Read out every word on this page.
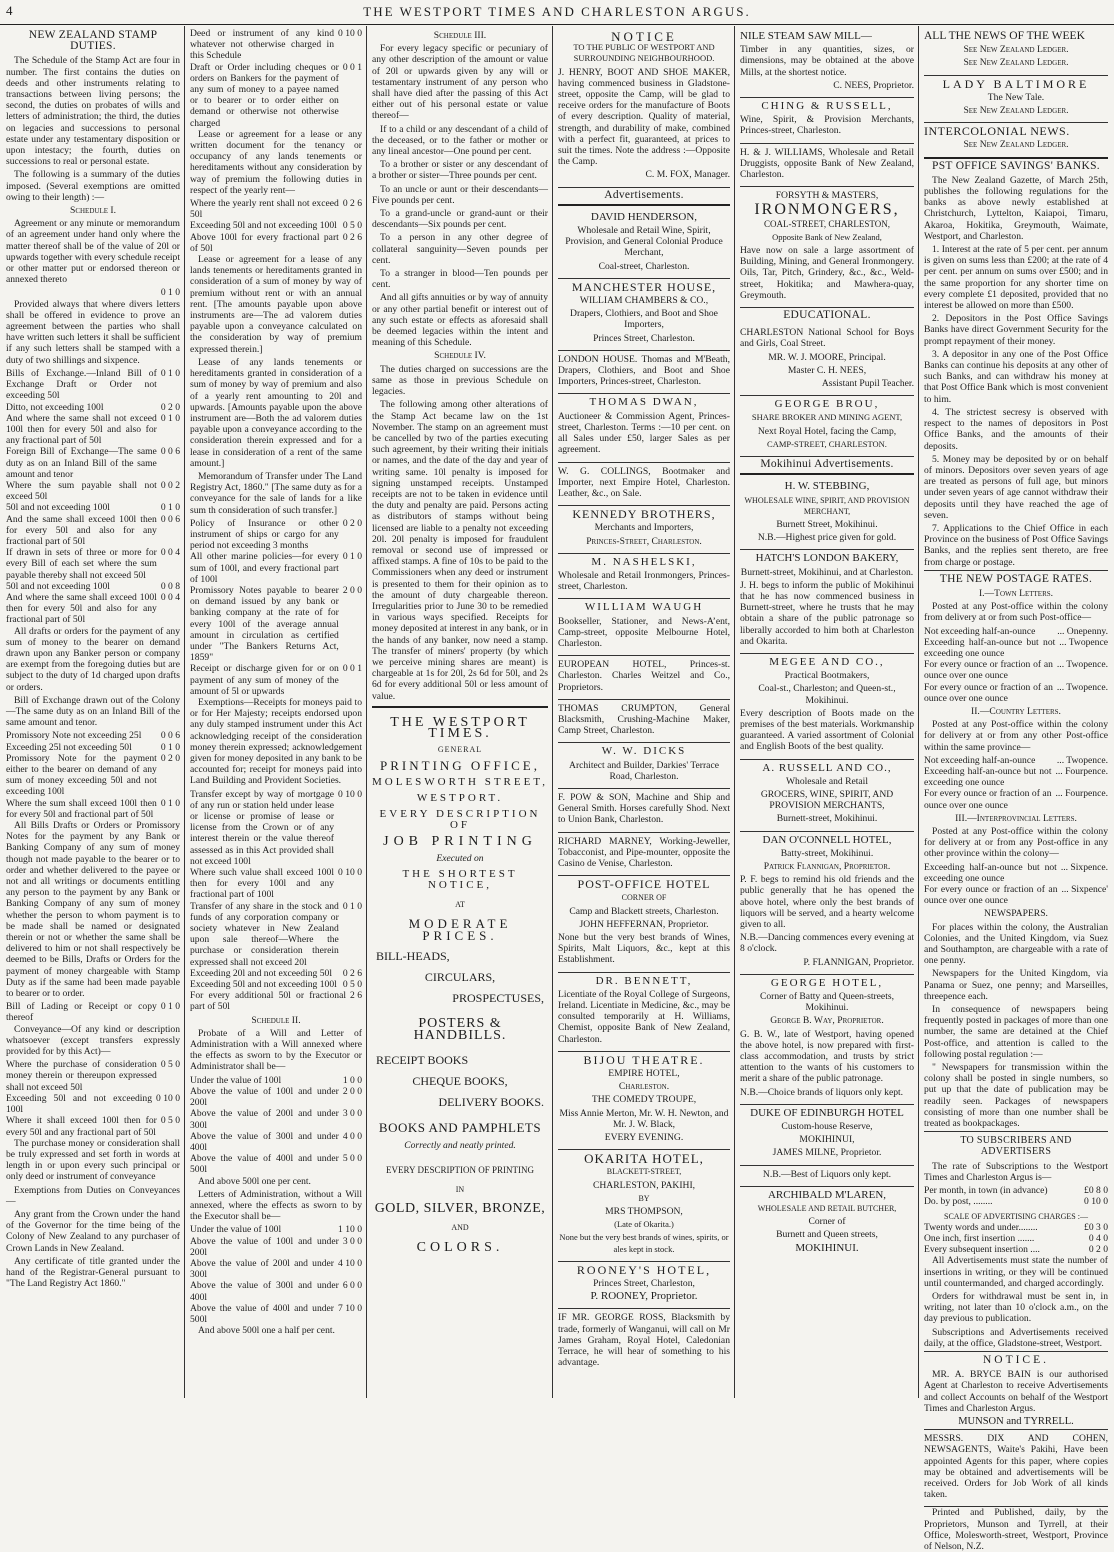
4	THE WESTPORT TIMES AND CHARLESTON ARGUS.
NEW ZEALAND STAMP DUTIES.

The Schedule of the Stamp Act are four in number. The first contains the duties on deeds and other instruments relating to transactions between living persons; the second, the duties on probates of wills and letters of administration; the third, the duties on legacies and successions to personal estate under any testamentary disposition or upon intestacy; the fourth, duties on successions to real or personal estate.

The following is a summary of the duties imposed. (Several exemptions are omitted owing to their length) :—

Schedule I.

Agreement or any minute or memorandum of an agreement under hand only where the matter thereof shall be of the value of 20l or upwards together with every schedule receipt or other matter put or endorsed thereon or annexed thereto

0 1 0

Provided always that where divers letters shall be offered in evidence to prove an agreement between the parties who shall have written such letters it shall be sufficient if any such letters shall be stamped with a duty of two shillings and sixpence.

Bills of Exchange.—Inland Bill of Exchange Draft or Order not exceeding 50l
0 1 0
Ditto, not exceeding 100l	0 2 0
And where the same shall not exceed 100l then for every 50l and also for any fractional part of 50l
0 1 0
Foreign Bill of Exchange—The same duty as on an Inland Bill of the same amount and tenor
0 0 6
Where the sum payable shall not exceed 50l
0 0 2
50l and not exceeding 100l	0 1 0
And the same shall exceed 100l then for every 50l and also for any fractional part of 50l
0 0 6
If drawn in sets of three or more for every Bill of each set where the sum payable thereby shall not exceed 50l
0 0 4
50l and not exceeding 100l	0 0 8
And where the same shall exceed 100l then for every 50l and also for any fractional part of 50l
0 0 4

All drafts or orders for the payment of any sum of money to the bearer on demand drawn upon any Banker person or company are exempt from the foregoing duties but are subject to the duty of 1d charged upon drafts or orders.

Bill of Exchange drawn out of the Colony—The same duty as on an Inland Bill of the same amount and tenor.

Promissory Note not exceeding 25l	0 0 6
Exceeding 25l not exceeding 50l	0 1 0
Promissory Note for the payment either to the bearer on demand of any sum of money exceeding 50l and not exceeding 100l
0 2 0
Where the sum shall exceed 100l then for every 50l and fractional part of 50l
0 1 0

All Bills Drafts or Orders or Promissory Notes for the payment by any Bank or Banking Company of any sum of money though not made payable to the bearer or to order and whether delivered to the payee or not and all writings or documents entitling any person to the payment by any Bank or Banking Company of any sum of money whether the person to whom payment is to be made shall be named or designated therein or not or whether the same shall be delivered to him or not shall respectively be deemed to be Bills, Drafts or Orders for the payment of money chargeable with Stamp Duty as if the same had been made payable to bearer or to order.

Bill of Lading or Receipt or copy thereof
0 1 0

Conveyance—Of any kind or description whatsoever (except transfers expressly provided for by this Act)—

Where the purchase of consideration money therein or thereupon expressed shall not exceed 50l
0 5 0
Exceeding 50l and not exceeding 100l
0 10 0
Where it shall exceed 100l then for every 50l and any fractional part of 50l
0 5 0

The purchase money or consideration shall be truly expressed and set forth in words at length in or upon every such principal or only deed or instrument of conveyance

Exemptions from Duties on Conveyances—

Any grant from the Crown under the hand of the Governor for the time being of the Colony of New Zealand to any purchaser of Crown Lands in New Zealand.

Any certificate of title granted under the hand of the Registrar-General pursuant to "The Land Registry Act 1860."

Deed or instrument of any kind whatever not otherwise charged in this Schedule
0 10 0
Draft or Order including cheques or orders on Bankers for the payment of any sum of money to a payee named or to bearer or to order either on demand or otherwise not otherwise charged
0 0 1

Lease or agreement for a lease or any written document for the tenancy or occupancy of any lands tenements or hereditaments without any consideration by way of premium the following duties in respect of the yearly rent—

Where the yearly rent shall not exceed 50l
0 2 6
Exceeding 50l and not exceeding 100l 0 5 0
Above 100l for every fractional part of 50l
0 2 6

Lease or agreement for a lease of any lands tenements or hereditaments granted in consideration of a sum of money by way of premium without rent or with an annual rent. [The amounts payable upon above instruments are—The ad valorem duties payable upon a conveyance calculated on the consideration by way of premium expressed therein.]

Lease of any lands tenements or hereditaments granted in consideration of a sum of money by way of premium and also of a yearly rent amounting to 20l and upwards. [Amounts payable upon the above instrument are—Both the ad valorem duties payable upon a conveyance according to the consideration therein expressed and for a lease in consideration of a rent of the same amount.]

Memorandum of Transfer under The Land Registry Act, 1860." [The same duty as for a conveyance for the sale of lands for a like sum th consideration of such transfer.]

Policy of Insurance or other instrument of ships or cargo for any period not exceeding 3 months
0 2 0
All other marine policies—for every sum of 100l, and every fractional part of 100l
0 1 0
Promissory Notes payable to bearer on demand issued by any bank or banking company at the rate of for every 100l of the average annual amount in circulation as certified under "The Bankers Returns Act, 1859"
2 0 0
Receipt or discharge given for or on payment of any sum of money of the amount of 5l or upwards
0 0 1

Exemptions—Receipts for moneys paid to or for Her Majesty; receipts endorsed upon any duly stamped instrument under this Act acknowledging receipt of the consideration money therein expressed; acknowledgement given for money deposited in any bank to be accounted for; receipt for moneys paid into Land Building and Provident Societies.

Transfer except by way of mortgage of any run or station held under lease or license or promise of lease or license from the Crown or of any interest therein or the value thereof assessed as in this Act provided shall not exceed 100l
0 10 0
Where such value shall exceed 100l then for every 100l and any fractional part of 100l
0 10 0
Transfer of any share in the stock and funds of any corporation company or society whatever in New Zealand upon sale thereof—Where the purchase or consideration therein expressed shall not exceed 20l
0 1 0
Exceeding 20l and not exceeding 50l	0 2 6
Exceeding 50l and not exceeding 100l 0 5 0
For every additional 50l or fractional part of 50l
2 6
Schedule II.

Probate of a Will and Letter of Administration with a Will annexed where the effects as sworn to by the Executor or Administrator shall be—

Under the value of 100l	1 0 0
Above the value of 100l and under 200l
2 0 0
Above the value of 200l and under 300l
3 0 0
Above the value of 300l and under 400l
4 0 0
Above the value of 400l and under 500l
5 0 0

And above 500l one per cent.

Letters of Administration, without a Will annexed, where the effects as sworn to by the Executor shall be—

Under the value of 100l	1 10 0
Above the value of 100l and under 200l
3 0 0
Above the value of 200l and under 300l
4 10 0
Above the value of 300l and under 400l
6 0 0
Above the value of 400l and under 500l
7 10 0

And above 500l one a half per cent.

Schedule III.

For every legacy specific or pecuniary of any other description of the amount or value of 20l or upwards given by any will or testamentary instrument of any person who shall have died after the passing of this Act either out of his personal estate or value thereof—

If to a child or any descendant of a child of the deceased, or to the father or mother or any lineal ancestor—One pound per cent.

To a brother or sister or any descendant of a brother or sister—Three pounds per cent.

To an uncle or aunt or their descendants—Five pounds per cent.

To a grand-uncle or grand-aunt or their descendants—Six pounds per cent.

To a person in any other degree of collateral sanguinity—Seven pounds per cent.

To a stranger in blood—Ten pounds per cent.

And all gifts annuities or by way of annuity or any other partial benefit or interest out of any such estate or effects as aforesaid shall be deemed legacies within the intent and meaning of this Schedule.

Schedule IV.

The duties charged on successions are the same as those in previous Schedule on legacies.

The following among other alterations of the Stamp Act became law on the 1st November. The stamp on an agreement must be cancelled by two of the parties executing such agreement, by their writing their initials or names, and the date of the day and year of writing same. 10l penalty is imposed for signing unstamped receipts. Unstamped receipts are not to be taken in evidence until the duty and penalty are paid. Persons acting as distributors of stamps without being licensed are liable to a penalty not exceeding 20l. 20l penalty is imposed for fraudulent removal or second use of impressed or affixed stamps. A fine of 10s to be paid to the Commissioners when any deed or instrument is presented to them for their opinion as to the amount of duty chargeable thereon. Irregularities prior to June 30 to be remedied in various ways specified. Receipts for money deposited at interest in any bank, or in the hands of any banker, now need a stamp. The transfer of miners' property (by which we perceive mining shares are meant) is chargeable at 1s for 20l, 2s 6d for 50l, and 2s 6d for every additional 50l or less amount of value.

THE WESTPORT TIMES.
GENERAL
PRINTING OFFICE,
MOLESWORTH STREET,
WESTPORT.
EVERY DESCRIPTION OF
JOB PRINTING
Executed on
THE SHORTEST NOTICE,
AT
MODERATE PRICES.
BILL-HEADS,
CIRCULARS,
PROSPECTUSES,
POSTERS & HANDBILLS.
RECEIPT BOOKS
CHEQUE BOOKS,
DELIVERY BOOKS.
BOOKS AND PAMPHLETS
Correctly and neatly printed.
EVERY DESCRIPTION OF PRINTING
IN
GOLD, SILVER, BRONZE,
AND
COLORS.
NOTICE

TO THE PUBLIC OF WESTPORT AND SURROUNDING NEIGHBOURHOOD.

J. HENRY, BOOT AND SHOE MAKER, having commenced business in Gladstone-street, opposite the Camp, will be glad to receive orders for the manufacture of Boots of every description. Quality of material, strength, and durability of make, combined with a perfect fit, guaranteed, at prices to suit the times. Note the address :—Opposite the Camp.

C. M. FOX, Manager.

Advertisements.

DAVID HENDERSON,

Wholesale and Retail Wine, Spirit, Provision, and General Colonial Produce Merchant,

Coal-street, Charleston.

MANCHESTER HOUSE,

WILLIAM CHAMBERS & CO.,

Drapers, Clothiers, and Boot and Shoe Importers,

Princes Street, Charleston.

LONDON HOUSE. Thomas and M'Beath, Drapers, Clothiers, and Boot and Shoe Importers, Princes-street, Charleston.

THOMAS DWAN,

Auctioneer & Commission Agent, Princes-street, Charleston. Terms :—10 per cent. on all Sales under £50, larger Sales as per agreement.

W. G. COLLINGS, Bootmaker and Importer, next Empire Hotel, Charleston. Leather, &c., on Sale.

KENNEDY BROTHERS,

Merchants and Importers,

Princes-Street, Charleston.

M. NASHELSKI,

Wholesale and Retail Ironmongers, Princes-street, Charleston.

WILLIAM WAUGH

Bookseller, Stationer, and News-A’ent, Camp-street, opposite Melbourne Hotel, Charleston.

EUROPEAN HOTEL, Princes-st. Charleston. Charles Weitzel and Co., Proprietors.

THOMAS CRUMPTON, General Blacksmith, Crushing-Machine Maker, Camp Street, Charleston.

W. W. DICKS

Architect and Builder, Darkies' Terrace Road, Charleston.

F. POW & SON, Machine and Ship and General Smith. Horses carefully Shod. Next to Union Bank, Charleston.

RICHARD MARNEY, Working-Jeweller, Tobacconist, and Pipe-mounter, opposite the Casino de Venise, Charleston.

POST-OFFICE HOTEL

CORNER OF

Camp and Blackett streets, Charleston.

JOHN HEFFERNAN, Proprietor.

None but the very best brands of Wines, Spirits, Malt Liquors, &c., kept at this Establishment.

DR. BENNETT,

Licentiate of the Royal College of Surgeons, Ireland. Licentiate in Medicine, &c., may be consulted temporarily at H. Williams, Chemist, opposite Bank of New Zealand, Charleston.

BIJOU THEATRE.

EMPIRE HOTEL,

Charleston.

THE COMEDY TROUPE,

Miss Annie Merton, Mr. W. H. Newton, and Mr. J. W. Black,

EVERY EVENING.

OKARITA HOTEL,

BLACKETT-STREET,

CHARLESTON, PAKIHI,

BY

MRS THOMPSON,

(Late of Okarita.)

None but the very best brands of wines, spirits, or ales kept in stock.

ROONEY'S HOTEL,

Princes Street, Charleston,

P. ROONEY, Proprietor.

IF MR. GEORGE ROSS, Blacksmith by trade, formerly of Wanganui, will call on Mr James Graham, Royal Hotel, Caledonian Terrace, he will hear of something to his advantage.

NILE STEAM SAW MILL—

Timber in any quantities, sizes, or dimensions, may be obtained at the above Mills, at the shortest notice.

C. NEES, Proprietor.

CHING & RUSSELL,

Wine, Spirit, & Provision Merchants, Princes-street, Charleston.

H. & J. WILLIAMS, Wholesale and Retail Druggists, opposite Bank of New Zealand, Charleston.

FORSYTH & MASTERS,

IRONMONGERS,

COAL-STREET, CHARLESTON,

Opposite Bank of New Zealand,

Have now on sale a large assortment of Building, Mining, and General Ironmongery. Oils, Tar, Pitch, Grindery, &c., &c., Weld-street, Hokitika; and Mawhera-quay, Greymouth.

EDUCATIONAL.

CHARLESTON National School for Boys and Girls, Coal Street.

MR. W. J. MOORE, Principal.

Master C. H. NEES,

Assistant Pupil Teacher.

GEORGE BROU,

SHARE BROKER AND MINING AGENT,

Next Royal Hotel, facing the Camp,

CAMP-STREET, CHARLESTON.

Mokihinui Advertisements.

H. W. STEBBING,

WHOLESALE WINE, SPIRIT, AND PROVISION MERCHANT,

Burnett Street, Mokihinui.

N.B.—Highest price given for gold.

HATCH'S LONDON BAKERY,

Burnett-street, Mokihinui, and at Charleston.

J. H. begs to inform the public of Mokihinui that he has now commenced business in Burnett-street, where he trusts that he may obtain a share of the public patronage so liberally accorded to him both at Charleston and Okarita.

MEGEE AND CO.,

Practical Bootmakers,

Coal-st., Charleston; and Queen-st., Mokihinui.

Every description of Boots made on the premises of the best materials. Workmanship guaranteed. A varied assortment of Colonial and English Boots of the best quality.

A. RUSSELL AND CO.,

Wholesale and Retail

GROCERS, WINE, SPIRIT, AND PROVISION MERCHANTS,

Burnett-street, Mokihinui.

DAN O'CONNELL HOTEL,

Batty-street, Mokihinui.

Patrick Flannigan, Proprietor.

P. F. begs to remind his old friends and the public generally that he has opened the above hotel, where only the best brands of liquors will be served, and a hearty welcome given to all.

N.B.—Dancing commences every evening at 8 o'clock.

P. FLANNIGAN, Proprietor.

GEORGE HOTEL,

Corner of Batty and Queen-streets, Mokihinui.

George B. Way, Proprietor.

G. B. W., late of Westport, having opened the above hotel, is now prepared with first-class accommodation, and trusts by strict attention to the wants of his customers to merit a share of the public patronage.

N.B.—Choice brands of liquors only kept.

DUKE OF EDINBURGH HOTEL

Custom-house Reserve,

MOKIHINUI,

JAMES MILNE, Proprietor.

N.B.—Best of Liquors only kept.

ARCHIBALD M'LAREN,

WHOLESALE AND RETAIL BUTCHER,

Corner of

Burnett and Queen streets,

MOKIHINUI.

ALL THE NEWS OF THE WEEK

See New Zealand Ledger.

See New Zealand Ledger.

LADY BALTIMORE

The New Tale.

See New Zealand Ledger.

INTERCOLONIAL NEWS.

See New Zealand Ledger.

PST OFFICE SAVINGS' BANKS.

The New Zealand Gazette, of March 25th, publishes the following regulations for the banks as above newly established at Christchurch, Lyttelton, Kaiapoi, Timaru, Akaroa, Hokitika, Greymouth, Waimate, Westport, and Charleston.

1. Interest at the rate of 5 per cent. per annum is given on sums less than £200; at the rate of 4 per cent. per annum on sums over £500; and in the same proportion for any shorter time on every complete £1 deposited, provided that no interest be allowed on more than £500.

2. Depositors in the Post Office Savings Banks have direct Government Security for the prompt repayment of their money.

3. A depositor in any one of the Post Office Banks can continue his deposits at any other of such Banks, and can withdraw his money at that Post Office Bank which is most convenient to him.

4. The strictest secresy is observed with respect to the names of depositors in Post Office Banks, and the amounts of their deposits.

5. Money may be deposited by or on behalf of minors. Depositors over seven years of age are treated as persons of full age, but minors under seven years of age cannot withdraw their deposits until they have reached the age of seven.

7. Applications to the Chief Office in each Province on the business of Post Office Savings Banks, and the replies sent thereto, are free from charge or postage.

THE NEW POSTAGE RATES.
I.—Town Letters.

Posted at any Post-office within the colony from delivery at or from such Post-office—

Not exceeding half-an-ounce	... Onepenny.
Exceeding half-an-ounce but not exceeding one ounce
... Twopence
For every ounce or fraction of an ounce over one ounce
... Twopence.
For every ounce or fraction of an ounce over one ounce
... Twopence.
II.—Country Letters.

Posted at any Post-office within the colony for delivery at or from any other Post-office within the same province—

Not exceeding half-an-ounce	... Twopence.
Exceeding half-an-ounce but not exceeding one ounce
... Fourpence.
For every ounce or fraction of an ounce over one ounce
... Fourpence.
III.—Interprovincial Letters.

Posted at any Post-office within the colony for delivery at or from any Post-office in any other province within the colony—

Exceeding half-an-ounce but not exceeding one ounce
... Sixpence.
For every ounce or fraction of an ounce over one ounce
... Sixpence'
NEWSPAPERS.

For places within the colony, the Australian Colonies, and the United Kingdom, via Suez and Southampton, are chargeable with a rate of one penny.

Newspapers for the United Kingdom, via Panama or Suez, one penny; and Marseilles, threepence each.

In consequence of newspapers being frequently posted in packages of more than one number, the same are detained at the Chief Post-office, and attention is called to the following postal regulation :—

" Newspapers for transmission within the colony shall be posted in single numbers, so put up that the date of publication may be readily seen. Packages of newspapers consisting of more than one number shall be treated as bookpackages.

TO SUBSCRIBERS AND ADVERTISERS

The rate of Subscriptions to the Westport Times and Charleston Argus is—

Per month, in town (in advance)	£0 8 0
Do. by post, ........	0 10 0
SCALE OF ADVERTISING CHARGES :—
Twenty words and under........	£0 3 0
One inch, first insertion .......	0 4 0
Every subsequent insertion ....	0 2 0

All Advertisements must state the number of insertions in writing, or they will be continued until countermanded, and charged accordingly.

Orders for withdrawal must be sent in, in writing, not later than 10 o'clock a.m., on the day previous to publication.

Subscriptions and Advertisements received daily, at the office, Gladstone-street, Westport.

NOTICE.

MR. A. BRYCE BAIN is our authorised Agent at Charleston to receive Advertisements and collect Accounts on behalf of the Westport Times and Charleston Argus.

MUNSON and TYRRELL.

MESSRS. DIX AND COHEN, NEWSAGENTS, Waite's Pakihi, Have been appointed Agents for this paper, where copies may be obtained and advertisements will be received. Orders for Job Work of all kinds taken.

Printed and Published, daily, by the Proprietors, Munson and Tyrrell, at their Office, Molesworth-street, Westport, Province of Nelson, N.Z.
